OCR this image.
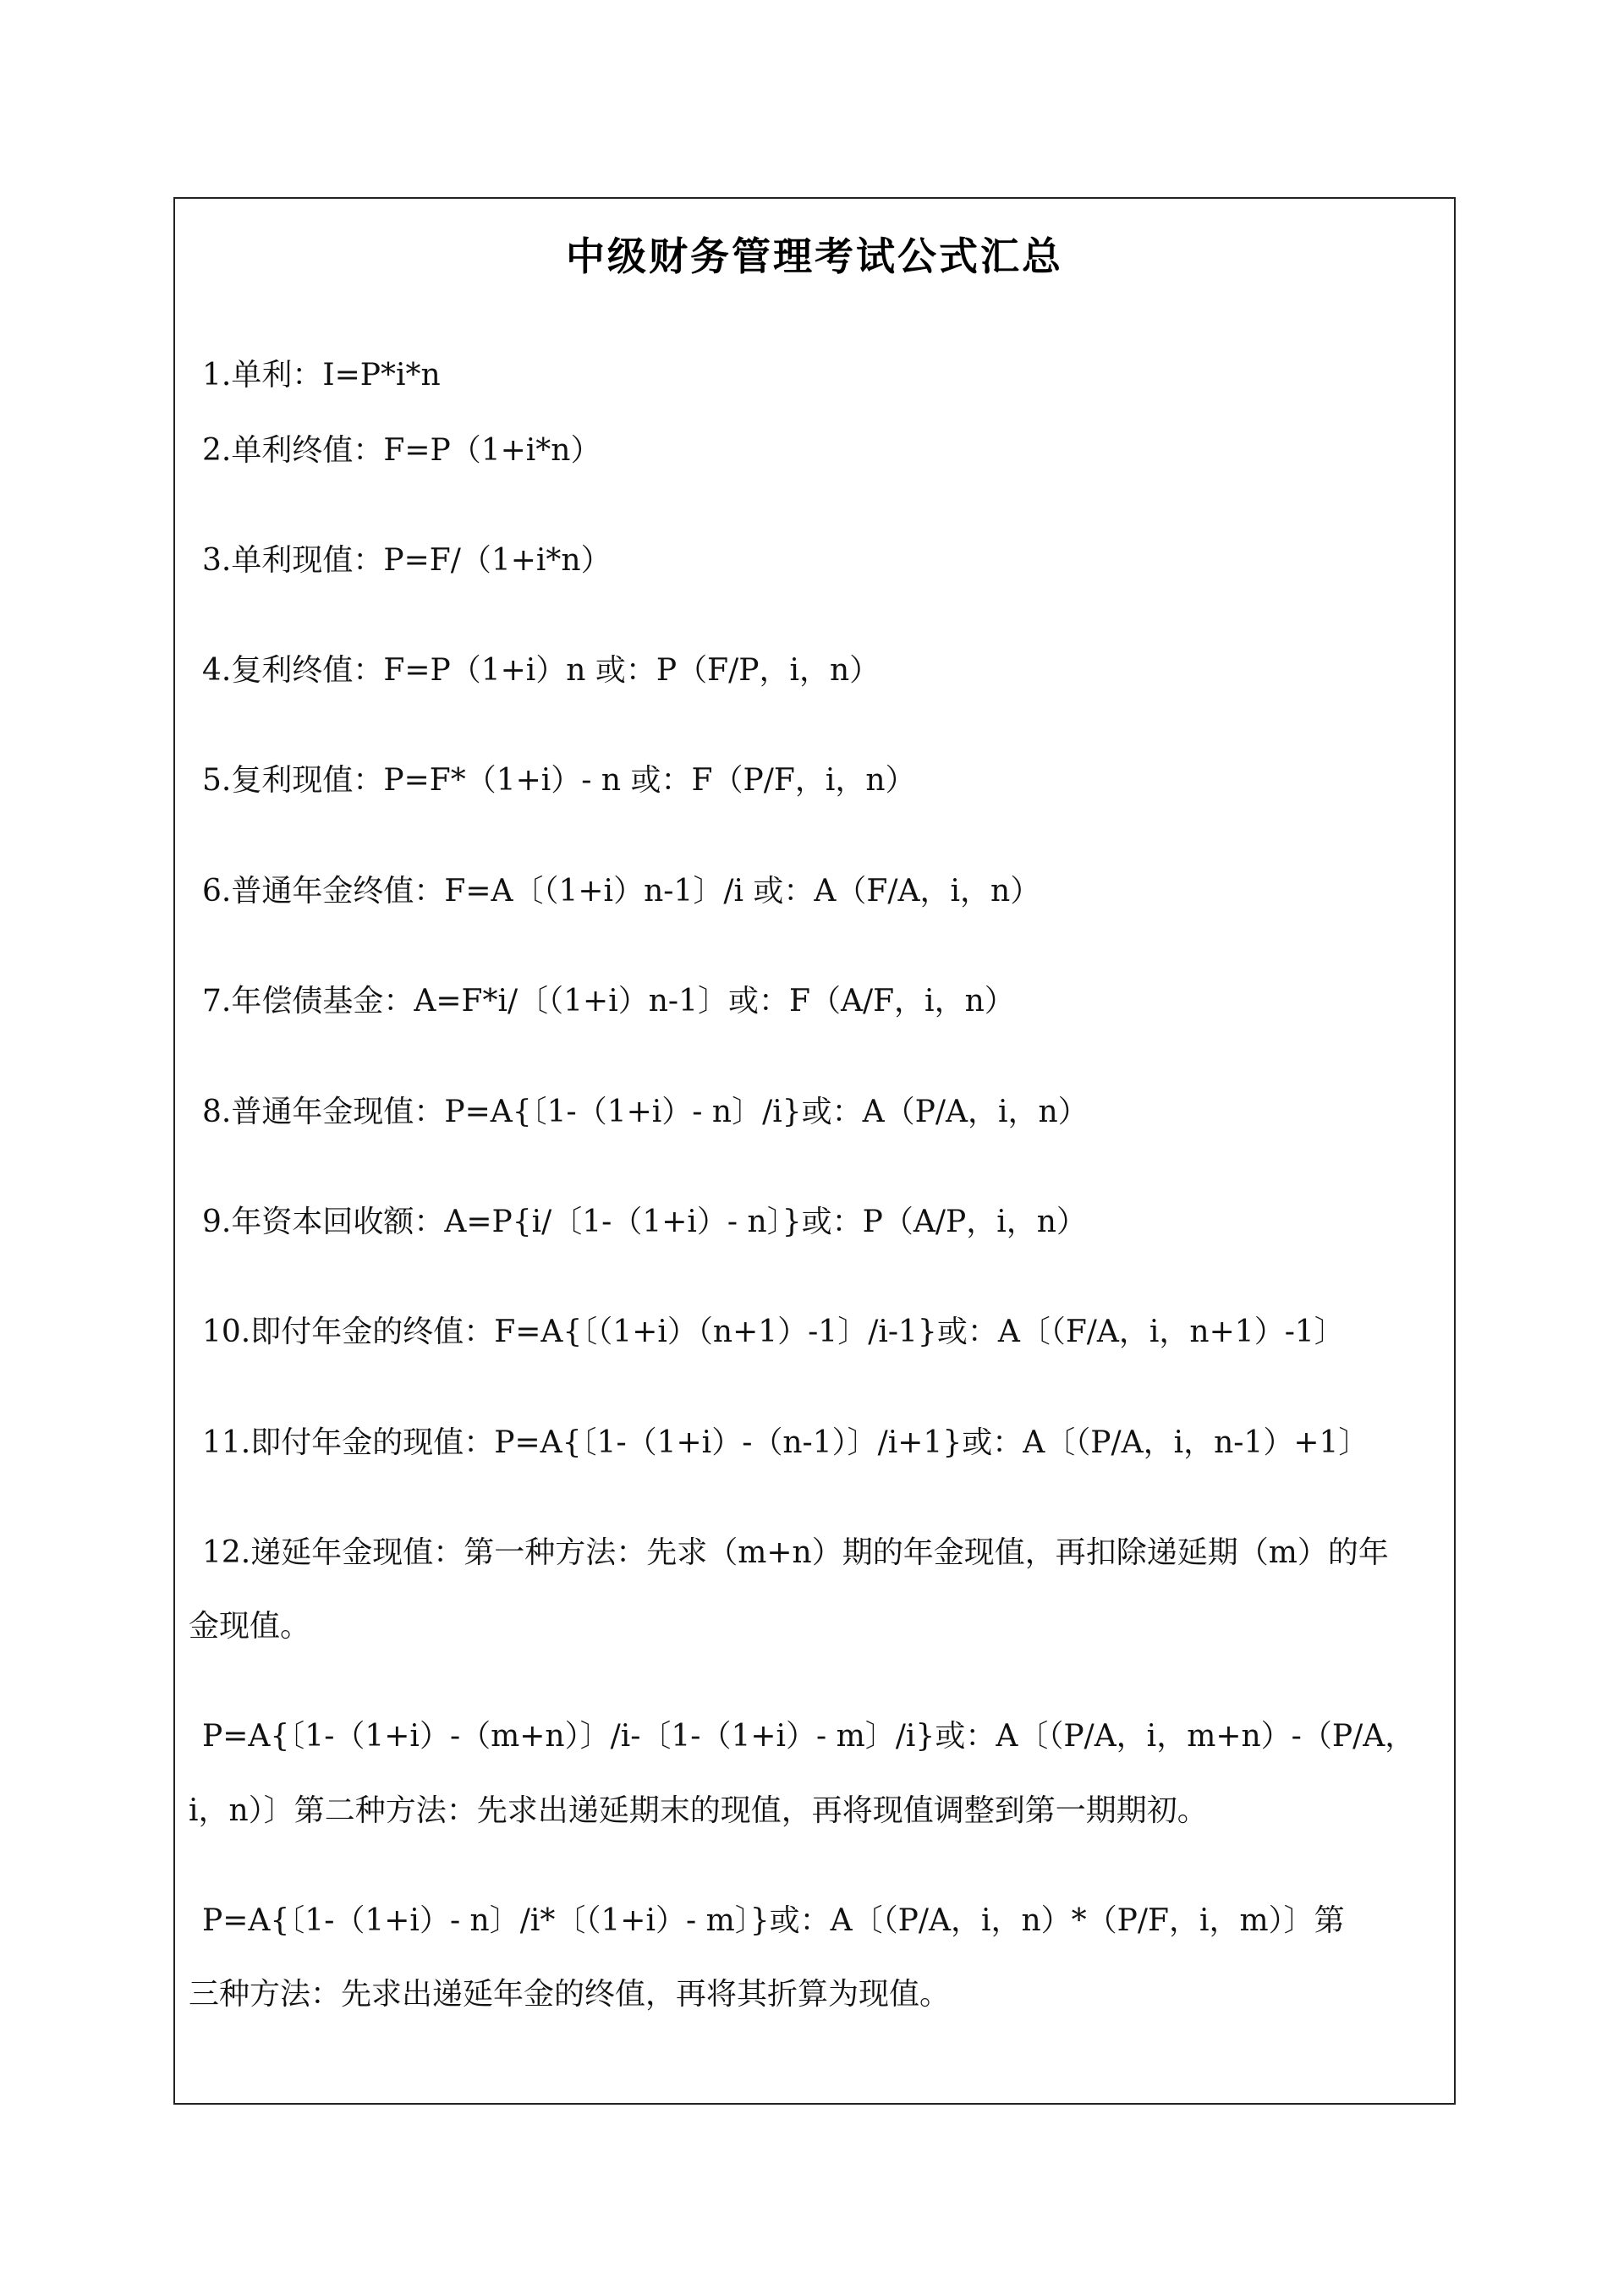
中级财务管理考试公式汇总
1.单利：I=P*i*n
2.单利终值：F=P（1+i*n）
3.单利现值：P=F/（1+i*n）
4.复利终值：F=P（1+i）n 或：P（F/P，i，n）
5.复利现值：P=F*（1+i）- n 或：F（P/F，i，n）
6.普通年金终值：F=A〔（1+i）n-1〕/i 或：A（F/A，i，n）
7.年偿债基金：A=F*i/〔（1+i）n-1〕或：F（A/F，i，n）
8.普通年金现值：P=A{〔1-（1+i）- n〕/i}或：A（P/A，i，n）
9.年资本回收额：A=P{i/〔1-（1+i）- n〕}或：P（A/P，i，n）
10.即付年金的终值：F=A{〔（1+i）（n+1）-1〕/i-1}或：A〔（F/A，i，n+1）-1〕
11.即付年金的现值：P=A{〔1-（1+i）-（n-1）〕/i+1}或：A〔（P/A，i，n-1）+1〕
12.递延年金现值：第一种方法：先求（m+n）期的年金现值，再扣除递延期（m）的年
金现值。
P=A{〔1-（1+i）-（m+n）〕/i-〔1-（1+i）- m〕/i}或：A〔（P/A，i，m+n）-（P/A，
i，n）〕第二种方法：先求出递延期末的现值，再将现值调整到第一期期初。
P=A{〔1-（1+i）- n〕/i*〔（1+i）- m〕}或：A〔（P/A，i，n）*（P/F，i，m）〕第
三种方法：先求出递延年金的终值，再将其折算为现值。
